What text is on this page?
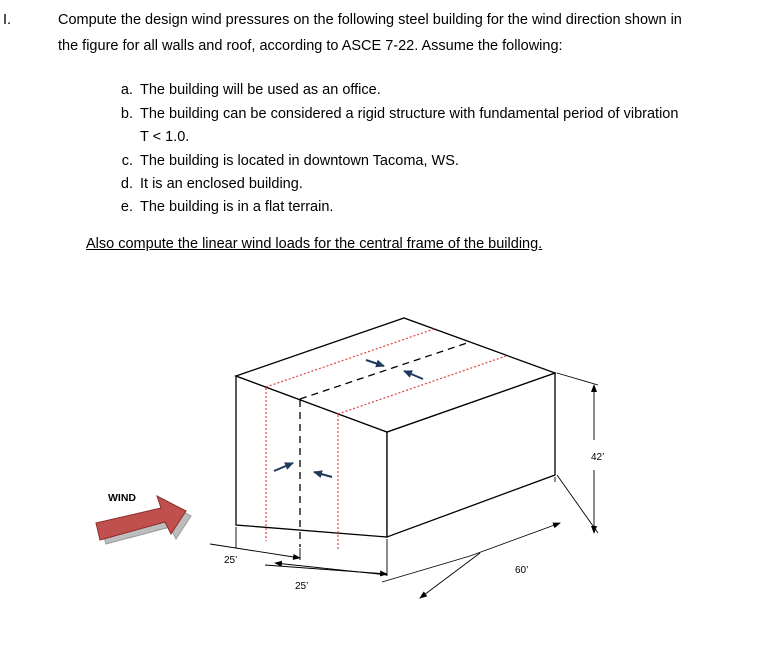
I.	Compute the design wind pressures on the following steel building for the wind direction shown in
the figure for all walls and roof, according to ASCE 7-22. Assume the following:
a. The building will be used as an office.
b. The building can be considered a rigid structure with fundamental period of vibration
T < 1.0.
c. The building is located in downtown Tacoma, WS.
d. It is an enclosed building.
e. The building is in a flat terrain.
Also compute the linear wind loads for the central frame of the building.
25’
25’
60’
42’
WIND
